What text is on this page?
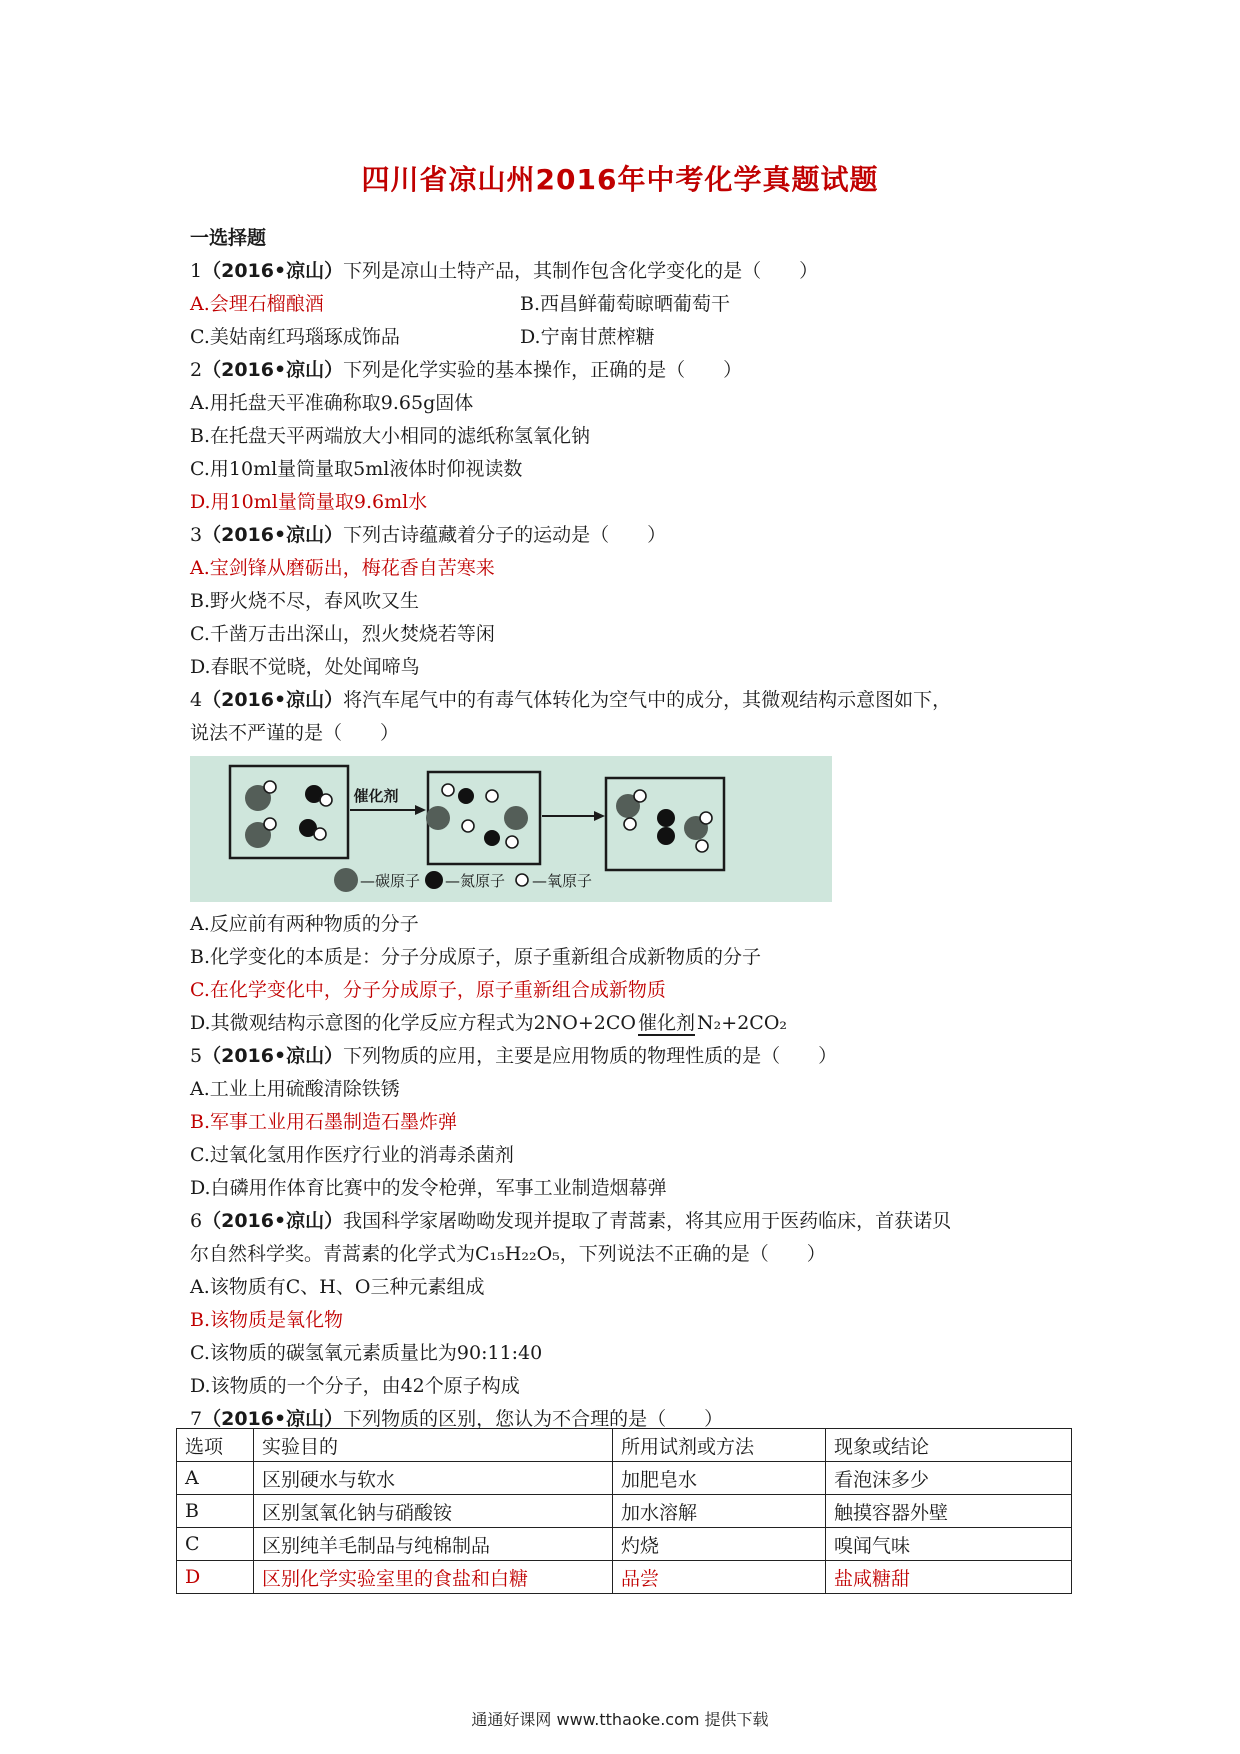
四川省凉山州2016年中考化学真题试题
一选择题
1（2016•凉山）下列是凉山土特产品，其制作包含化学变化的是（　　）
A.会理石榴酿酒	B.西昌鲜葡萄晾晒葡萄干
C.美姑南红玛瑙琢成饰品	D.宁南甘蔗榨糖
2（2016•凉山）下列是化学实验的基本操作，正确的是（　　）
A.用托盘天平准确称取9.65g固体
B.在托盘天平两端放大小相同的滤纸称氢氧化钠
C.用10ml量筒量取5ml液体时仰视读数
D.用10ml量筒量取9.6ml水
3（2016•凉山）下列古诗蕴藏着分子的运动是（　　）
A.宝剑锋从磨砺出，梅花香自苦寒来
B.野火烧不尽，春风吹又生
C.千凿万击出深山，烈火焚烧若等闲
D.春眠不觉晓，处处闻啼鸟
4（2016•凉山）将汽车尾气中的有毒气体转化为空气中的成分，其微观结构示意图如下，
说法不严谨的是（　　）
催化剂
—碳原子 —氮原子 —氧原子
A.反应前有两种物质的分子
B.化学变化的本质是：分子分成原子，原子重新组合成新物质的分子
C.在化学变化中，分子分成原子，原子重新组合成新物质
D.其微观结构示意图的化学反应方程式为2NO+2CO 催化剂 N₂+2CO₂
5（2016•凉山）下列物质的应用，主要是应用物质的物理性质的是（　　）
A.工业上用硫酸清除铁锈
B.军事工业用石墨制造石墨炸弹
C.过氧化氢用作医疗行业的消毒杀菌剂
D.白磷用作体育比赛中的发令枪弹，军事工业制造烟幕弹
6（2016•凉山）我国科学家屠呦呦发现并提取了青蒿素，将其应用于医药临床，首获诺贝
尔自然科学奖。青蒿素的化学式为C₁₅H₂₂O₅，下列说法不正确的是（　　）
A.该物质有C、H、O三种元素组成
B.该物质是氧化物
C.该物质的碳氢氧元素质量比为90:11:40
D.该物质的一个分子，由42个原子构成
7（2016•凉山）下列物质的区别，您认为不合理的是（　　）
选项	实验目的	所用试剂或方法	现象或结论
A	区别硬水与软水	加肥皂水	看泡沫多少
B	区别氢氧化钠与硝酸铵	加水溶解	触摸容器外壁
C	区别纯羊毛制品与纯棉制品	灼烧	嗅闻气味
D	区别化学实验室里的食盐和白糖	品尝	盐咸糖甜
通通好课网 www.tthaoke.com 提供下载
